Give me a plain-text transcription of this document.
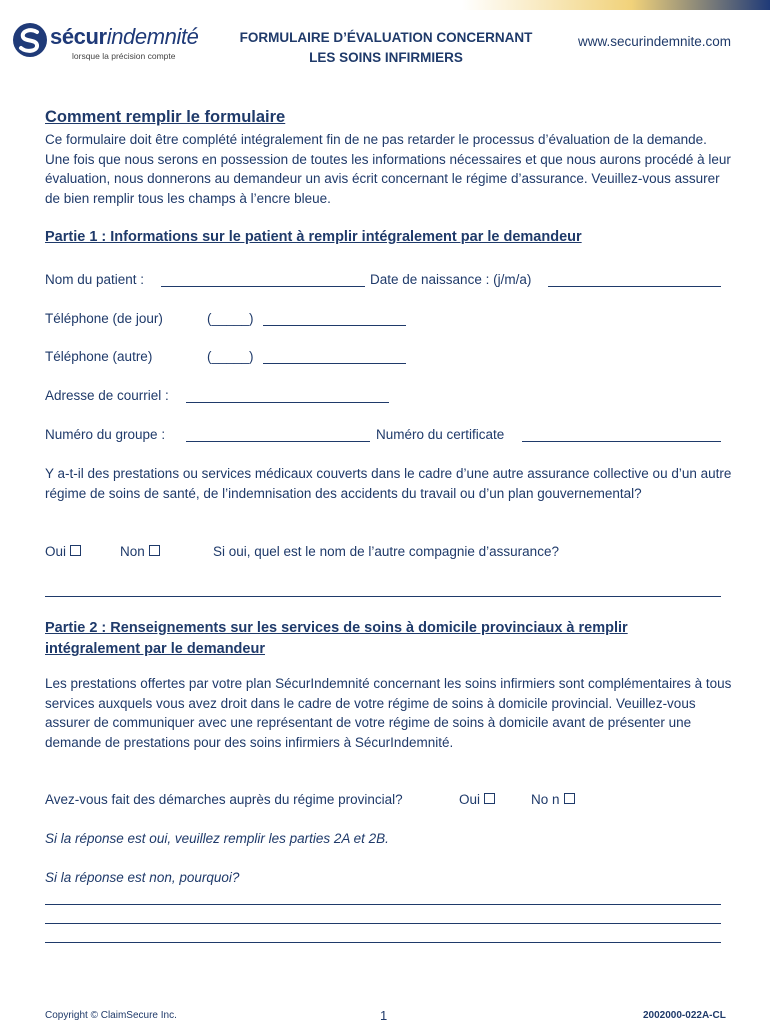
sécurindemnité
lorsque la précision compte
FORMULAIRE D’ÉVALUATION CONCERNANT
LES SOINS INFIRMIERS
www.securindemnite.com
Comment remplir le formulaire
Ce formulaire doit être complété intégralement fin de ne pas retarder le processus d’évaluation de la demande. Une fois que nous serons en possession de toutes les informations nécessaires et que nous aurons procédé à leur évaluation, nous donnerons au demandeur un avis écrit concernant le régime d’assurance. Veuillez-vous assurer de bien remplir tous les champs à l’encre bleue.
Partie 1 : Informations sur le patient à remplir intégralement par le demandeur
Nom du patient :	Date de naissance : (j/m/a)
Téléphone (de jour)	(_____)
Téléphone (autre)	(_____)
Adresse de courriel :
Numéro du groupe :	Numéro du certificate
Y a-t-il des prestations ou services médicaux couverts dans le cadre d’une autre assurance collective ou d’un autre régime de soins de santé, de l’indemnisation des accidents du travail ou d’un plan gouvernemental?
Oui	Non	Si oui, quel est le nom de l’autre compagnie d’assurance?
Partie 2 : Renseignements sur les services de soins à domicile provinciaux à remplir intégralement par le demandeur
Les prestations offertes par votre plan SécurIndemnité concernant les soins infirmiers sont complémentaires à tous services auxquels vous avez droit dans le cadre de votre régime de soins à domicile provincial. Veuillez-vous assurer de communiquer avec une représentant de votre régime de soins à domicile avant de présenter une demande de prestations pour des soins infirmiers à SécurIndemnité.
Avez-vous fait des démarches auprès du régime provincial?	Oui	No n
Si la réponse est oui, veuillez remplir les parties 2A et 2B.
Si la réponse est non, pourquoi?
Copyright © ClaimSecure Inc.	1	2002000-022A-CL
